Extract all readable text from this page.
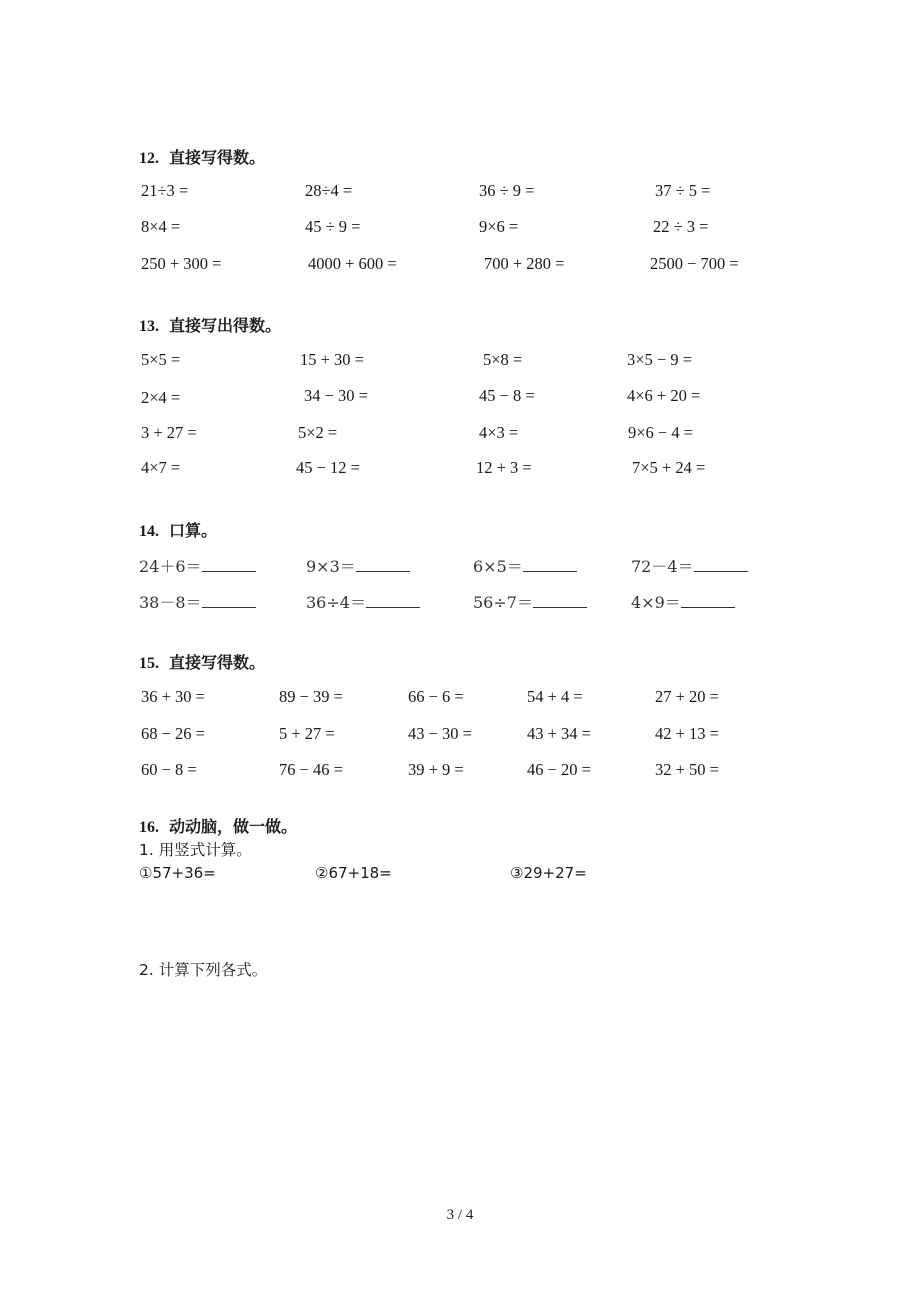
12. 直接写得数。
21÷3 =	28÷4 =	36 ÷ 9 =	37 ÷ 5 =
8×4 =	45 ÷ 9 =	9×6 =	22 ÷ 3 =
250 + 300 =	4000 + 600 =	700 + 280 =	2500 − 700 =
13. 直接写出得数。
5×5 =	15 + 30 =	5×8 =	3×5 − 9 =
2×4 =	34 − 30 =	45 − 8 =	4×6 + 20 =
3 + 27 =	5×2 =	4×3 =	9×6 − 4 =
4×7 =	45 − 12 =	12 + 3 =	7×5 + 24 =
14. 口算。
24＋6＝	9×3＝	6×5＝	72－4＝
38－8＝	36÷4＝	56÷7＝	4×9＝
15. 直接写得数。
36 + 30 =	89 − 39 =	66 − 6 =	54 + 4 =	27 + 20 =
68 − 26 =	5 + 27 =	43 − 30 =	43 + 34 =	42 + 13 =
60 − 8 =	76 − 46 =	39 + 9 =	46 − 20 =	32 + 50 =
16. 动动脑，做一做。
1. 用竖式计算。
①57+36=	②67+18=	③29+27=
2. 计算下列各式。
3 / 4
